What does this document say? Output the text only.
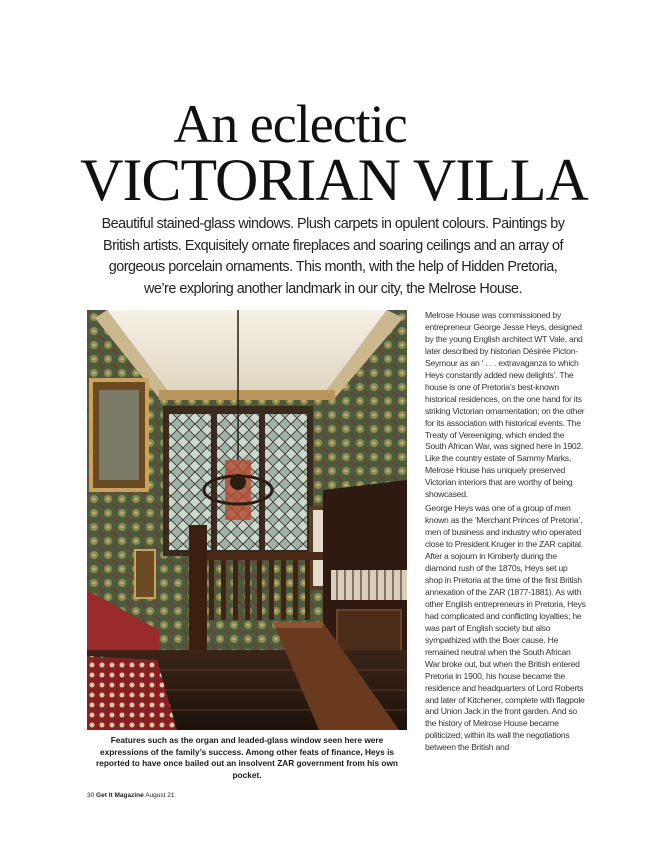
An eclectic
VICTORIAN VILLA
Beautiful stained-glass windows. Plush carpets in opulent colours. Paintings by British artists. Exquisitely ornate fireplaces and soaring ceilings and an array of gorgeous porcelain ornaments. This month, with the help of Hidden Pretoria, we’re exploring another landmark in our city, the Melrose House.
Features such as the organ and leaded-glass window seen here were expressions of the family’s success. Among other feats of finance, Heys is reported to have once bailed out an insolvent ZAR government from his own pocket.

Melrose House was commissioned by entrepreneur George Jesse Heys, designed by the young English architect WT Vale, and later described by historian Désirée Picton-Seymour as an ‘ . . . extravaganza to which Heys constantly added new delights’. The house is one of Pretoria’s best-known historical residences, on the one hand for its striking Victorian ornamentation; on the other for its association with historical events. The Treaty of Vereeniging, which ended the South African War, was signed here in 1902. Like the country estate of Sammy Marks, Melrose House has uniquely preserved Victorian interiors that are worthy of being showcased.

George Heys was one of a group of men known as the ‘Merchant Princes of Pretoria’, men of business and industry who operated close to President Kruger in the ZAR capital. After a sojourn in Kimberly during the diamond rush of the 1870s, Heys set up shop in Pretoria at the time of the first British annexation of the ZAR (1877-1881). As with other English entrepreneurs in Pretoria, Heys had complicated and conflicting loyalties; he was part of English society but also sympathized with the Boer cause. He remained neutral when the South African War broke out, but when the British entered Pretoria in 1900, his house became the residence and headquarters of Lord Roberts and later of Kitchener, complete with flagpole and Union Jack in the front garden. And so the history of Melrose House became politicized; within its wall the negotiations between the British and

30 Get It Magazine August 21
